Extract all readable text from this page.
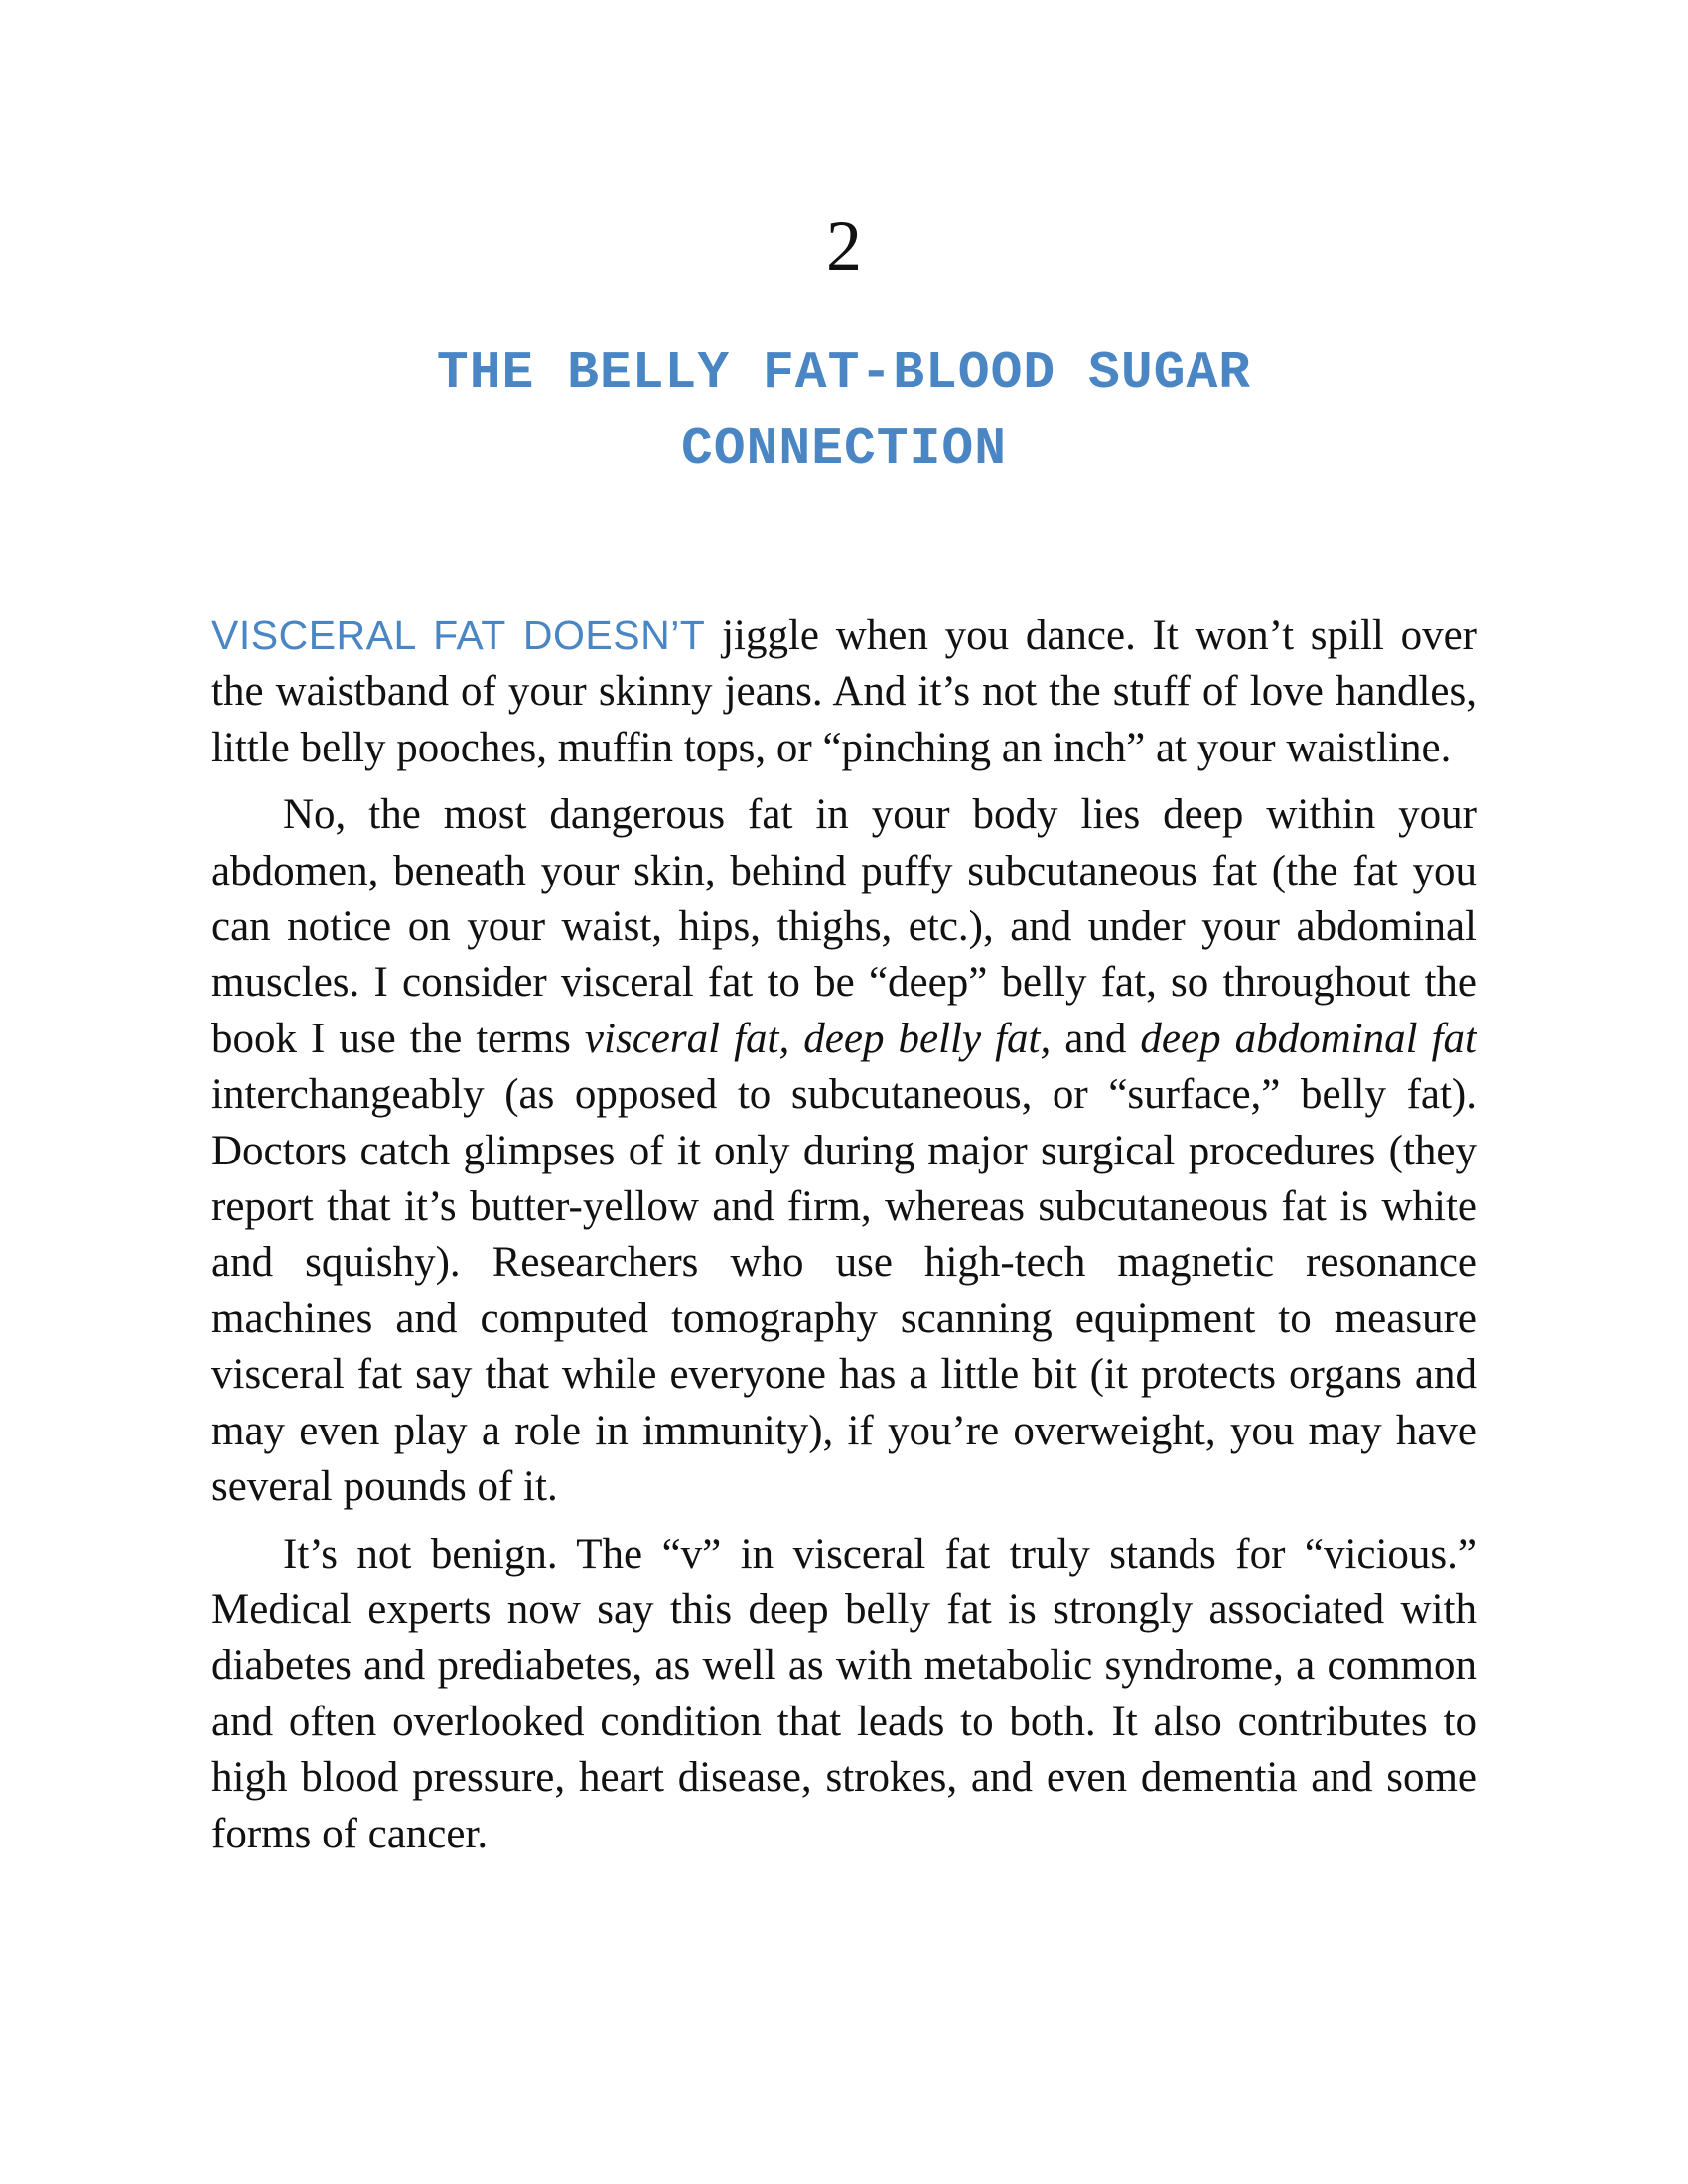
2
THE BELLY FAT-BLOOD SUGAR CONNECTION

VISCERAL FAT DOESN’T jiggle when you dance. It won’t spill over the waistband of your skinny jeans. And it’s not the stuff of love handles, little belly pooches, muffin tops, or “pinching an inch” at your waistline.

No, the most dangerous fat in your body lies deep within your abdomen, beneath your skin, behind puffy subcutaneous fat (the fat you can notice on your waist, hips, thighs, etc.), and under your abdominal muscles. I consider visceral fat to be “deep” belly fat, so throughout the book I use the terms visceral fat, deep belly fat, and deep abdominal fat interchangeably (as opposed to subcutaneous, or “surface,” belly fat). Doctors catch glimpses of it only during major surgical procedures (they report that it’s butter-yellow and firm, whereas subcutaneous fat is white and squishy). Researchers who use high-tech magnetic resonance machines and computed tomography scanning equipment to measure visceral fat say that while everyone has a little bit (it protects organs and may even play a role in immunity), if you’re overweight, you may have several pounds of it.

It’s not benign. The “v” in visceral fat truly stands for “vicious.” Medical experts now say this deep belly fat is strongly associated with diabetes and prediabetes, as well as with metabolic syndrome, a common and often overlooked condition that leads to both. It also contributes to high blood pressure, heart disease, strokes, and even dementia and some forms of cancer.
